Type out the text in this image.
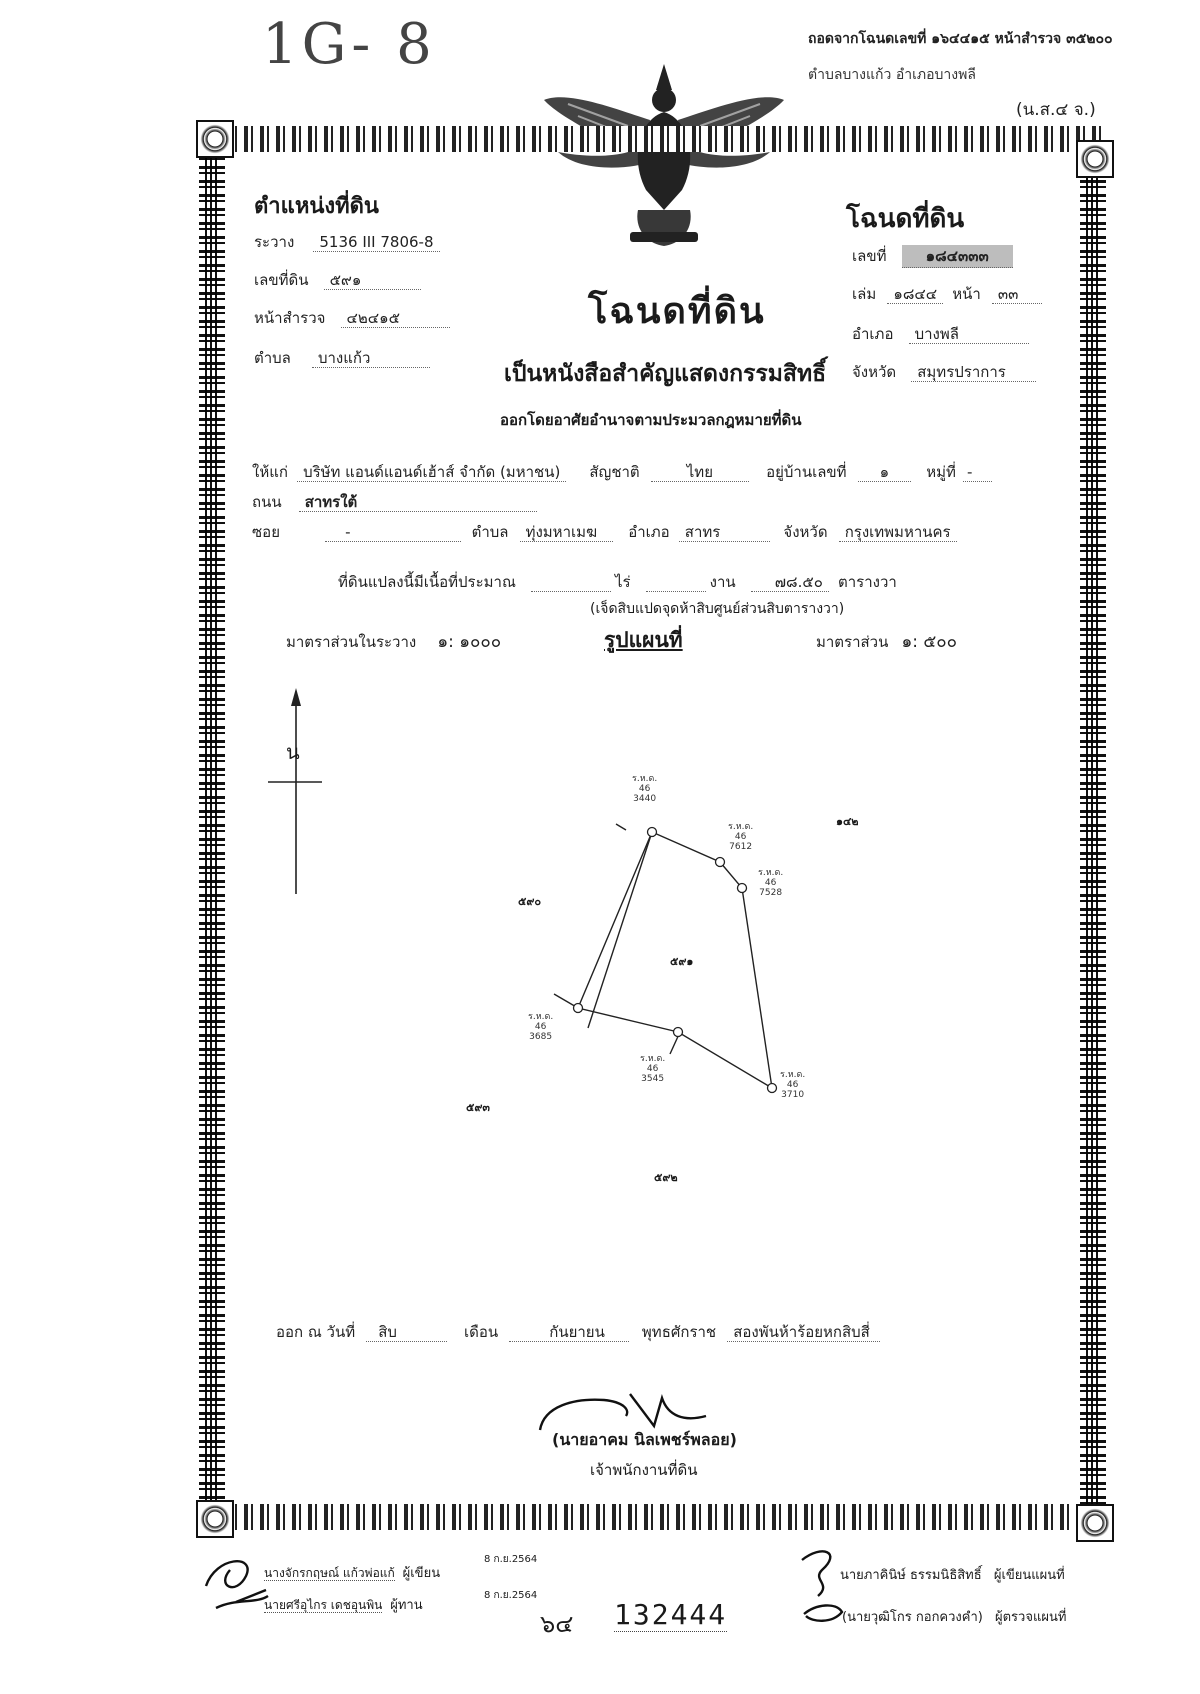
1G- 8	ถอดจากโฉนดเลขที่ ๑๖๔๔๑๕ หน้าสำรวจ ๓๕๒๐๐
ตำบลบางแก้ว อำเภอบางพลี
(น.ส.๔ จ.)
ตำแหน่งที่ดิน
ระวาง 5136 III 7806-8
เลขที่ดิน ๕๙๑
หน้าสำรวจ ๔๒๔๑๕
ตำบล บางแก้ว
โฉนดที่ดิน
เลขที่	๑๘๔๓๓๓
เล่ม ๑๘๔๔ หน้า ๓๓
อำเภอ บางพลี
จังหวัด สมุทรปราการ
โฉนดที่ดิน
เป็นหนังสือสำคัญแสดงกรรมสิทธิ์
ออกโดยอาศัยอำนาจตามประมวลกฎหมายที่ดิน
ให้แก่ บริษัท แอนด์แอนด์เฮ้าส์ จำกัด (มหาชน) สัญชาติ	ไทย	อยู่บ้านเลขที่ ๑ หมู่ที่ -
ถนน สาทรใต้
ซอย	-	ตำบล ทุ่งมหาเมฆ อำเภอ สาทร	จังหวัด กรุงเทพมหานคร
ที่ดินแปลงนี้มีเนื้อที่ประมาณ	ไร่	งาน	๗๘.๕๐ ตารางวา
(เจ็ดสิบแปดจุดห้าสิบศูนย์ส่วนสิบตารางวา)
มาตราส่วนในระวาง ๑: ๑๐๐๐	รูปแผนที่	มาตราส่วน ๑: ๕๐๐
น
ร.ห.ด.
46
3440
ร.ห.ด.
46
7612
ร.ห.ด.
46
7528
ร.ห.ด.
46
3685
ร.ห.ด.
46
3545	ร.ห.ด.
46
3710
๑๔๒
๕๙๐
๕๙๑
๕๙๓
๕๙๒
ออก ณ วันที่ สิบ	เดือน	กันยายน พุทธศักราช สองพันห้าร้อยหกสิบสี่
(นายอาคม นิลเพชร์พลอย)
เจ้าพนักงานที่ดิน
นางจักรกฤษณ์ แก้วพ่อแก้ ผู้เขียน
8 ก.ย.2564
นายศรีอุไกร เดชอุนพิน ผู้ทาน
8 ก.ย.2564
๖๔ 132444
นายภาคินิษ์ ธรรมนิธิสิทธิ์ ผู้เขียนแผนที่
(นายวุฒิโกร กอกควงคำ) ผู้ตรวจแผนที่
